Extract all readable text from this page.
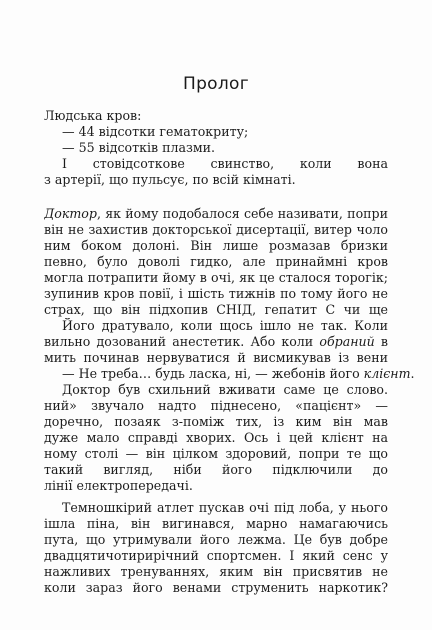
Пролог
Людська кров:
— 44 відсотки гематокриту;
— 55 відсотків плазми.
І стовідсоткове свинство, коли вона
з артерії, що пульсує, по всій кімнаті.
Доктор, як йому подобалося себе називати, попри
він не захистив докторської дисертації, витер чоло
ним боком долоні. Він лише розмазав бризки
певно, було доволі гидко, але принаймні кров
могла потрапити йому в очі, як це сталося торогік;
зупинив кров повії, і шість тижнів по тому його не
страх, що він підхопив СНІД, гепатит С чи ще
Його дратувало, коли щось ішло не так. Коли
вильно дозований анестетик. Або коли обраний в
мить починав нервуватися й висмикував із вени
— Не треба… будь ласка, ні, — жебонів його клієнт.
Доктор був схильний вживати саме це слово.
ний» звучало надто піднесено, «пацієнт» —
доречно, позаяк з-поміж тих, із ким він мав
дуже мало справді хворих. Ось і цей клієнт на
ному столі — він цілком здоровий, попри те що
такий вигляд, ніби його підключили до
лінії електропередачі.
Темношкірий атлет пускав очі під лоба, у нього
ішла піна, він вигинався, марно намагаючись
пута, що утримували його лежма. Це був добре
двадцятичотирирічний спортсмен. І який сенс у
нажливих тренуваннях, яким він присвятив не
коли зараз його венами струменить наркотик?
